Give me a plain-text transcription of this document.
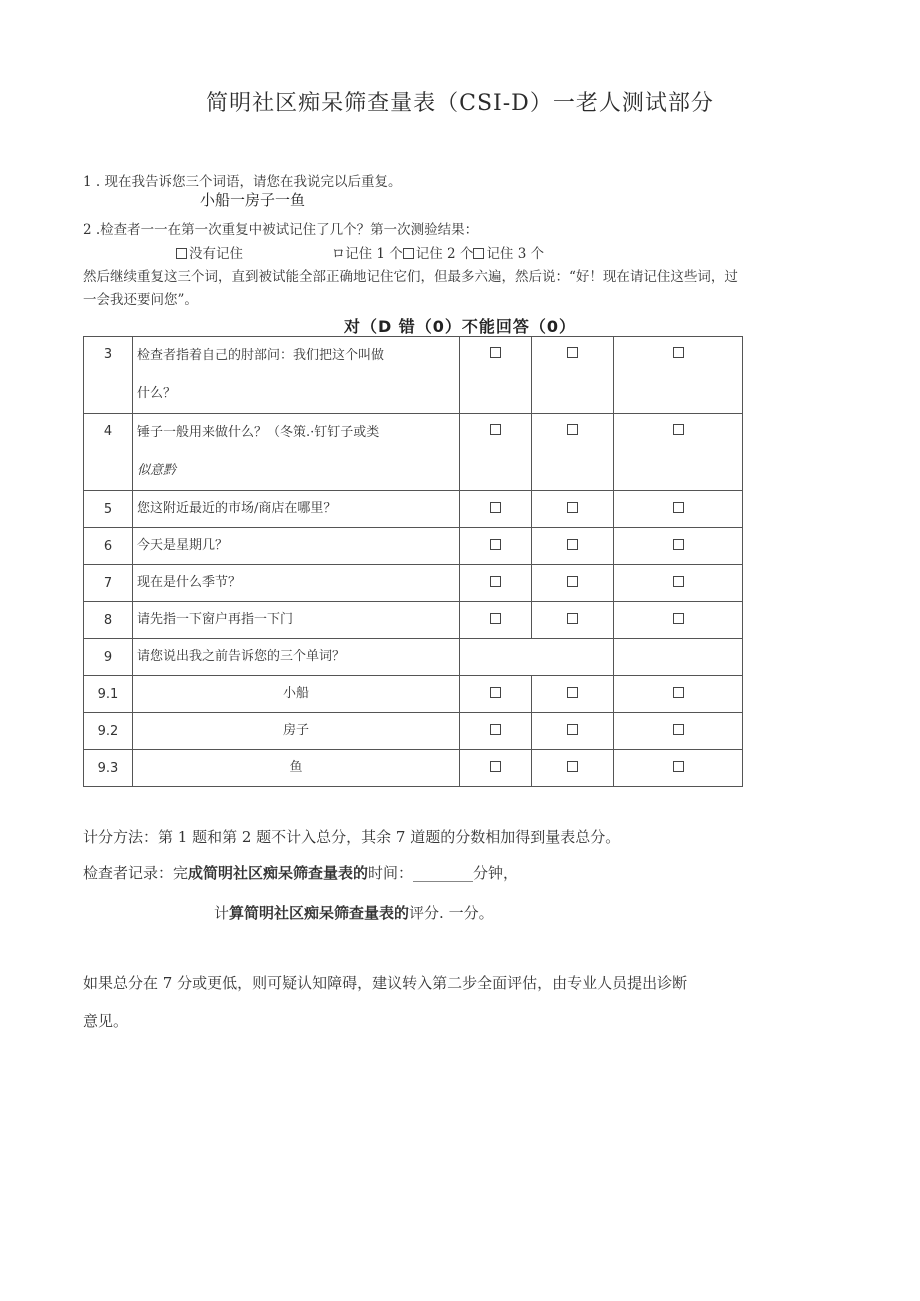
简明社区痴呆筛查量表（CSI-D）一老人测试部分
1 . 现在我告诉您三个词语，请您在我说完以后重复。
小船一房子一鱼
2 .检查者一一在第一次重复中被试记住了几个？第一次测验结果：
没有记住	ロ记住 1 个 记住 2 个 记住 3 个
然后继续重复这三个词，直到被试能全部正确地记住它们，但最多六遍，然后说：“好！现在请记住这些词，过
一会我还要问您”。
对（D 错（0）不能回答（0）
3	检查者指着自己的肘部问：我们把这个叫做
什么？			

4	锤子一般用来做什么？（冬策.·钉钉子或类
似意黔			

5	您这附近最近的市场/商店在哪里？			
6	今天是星期几？			
7	现在是什么季节？			
8	请先指一下窗户再指一下门			
9	请您说出我之前告诉您的三个单词？			
9.1	小船			
9.2	房子			
9.3	鱼			
计分方法：第 1 题和第 2 题不计入总分，其余 7 道题的分数相加得到量表总分。
检查者记录：完成简明社区痴呆筛查量表的时间：________分钟，
计算简明社区痴呆筛查量表的评分. 一分。
如果总分在 7 分或更低，则可疑认知障碍，建议转入第二步全面评估，由专业人员提出诊断
意见。
